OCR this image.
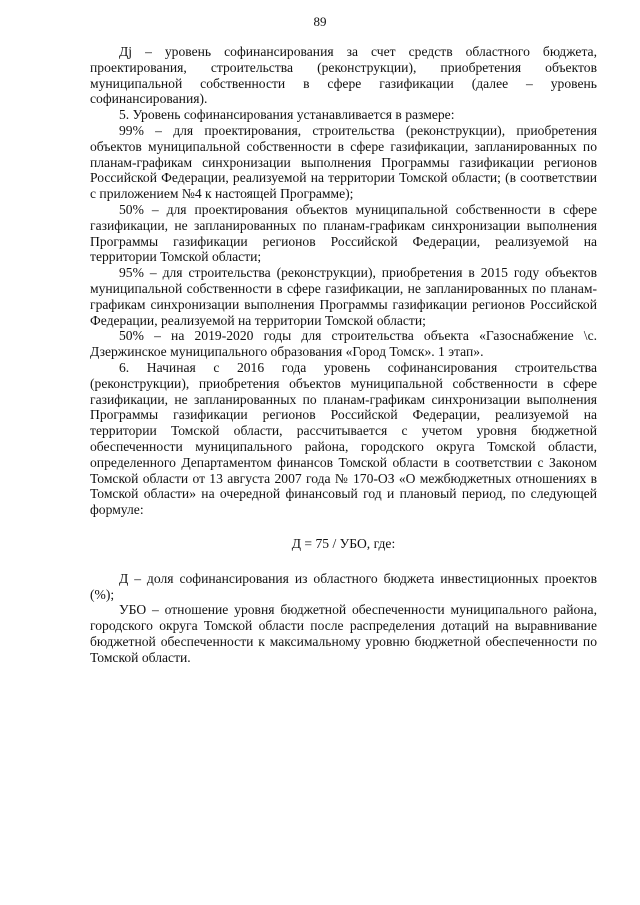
89

Дj – уровень софинансирования за счет средств областного бюджета, проектирования, строительства (реконструкции), приобретения объектов муниципальной собственности в сфере газификации (далее – уровень софинансирования).

5. Уровень софинансирования устанавливается в размере:

99% – для проектирования, строительства (реконструкции), приобретения объектов муниципальной собственности в сфере газификации, запланированных по планам-графикам синхронизации выполнения Программы газификации регионов Российской Федерации, реализуемой на территории Томской области; (в соответствии с приложением №4 к настоящей Программе);

50% – для проектирования объектов муниципальной собственности в сфере газификации, не запланированных по планам-графикам синхронизации выполнения Программы газификации регионов Российской Федерации, реализуемой на территории Томской области;

95% – для строительства (реконструкции), приобретения в 2015 году объектов муниципальной собственности в сфере газификации, не запланированных по планам-графикам синхронизации выполнения Программы газификации регионов Российской Федерации, реализуемой на территории Томской области;

50% – на 2019-2020 годы для строительства объекта «Газоснабжение \с. Дзержинское муниципального образования «Город Томск». 1 этап».

6. Начиная с 2016 года уровень софинансирования строительства (реконструкции), приобретения объектов муниципальной собственности в сфере газификации, не запланированных по планам-графикам синхронизации выполнения Программы газификации регионов Российской Федерации, реализуемой на территории Томской области, рассчитывается с учетом уровня бюджетной обеспеченности муниципального района, городского округа Томской области, определенного Департаментом финансов Томской области в соответствии с Законом Томской области от 13 августа 2007 года № 170-ОЗ «О межбюджетных отношениях в Томской области» на очередной финансовый год и плановый период, по следующей формуле:

Д = 75 / УБО, где:

Д – доля софинансирования из областного бюджета инвестиционных проектов (%);

УБО – отношение уровня бюджетной обеспеченности муниципального района, городского округа Томской области после распределения дотаций на выравнивание бюджетной обеспеченности к максимальному уровню бюджетной обеспеченности по Томской области.
